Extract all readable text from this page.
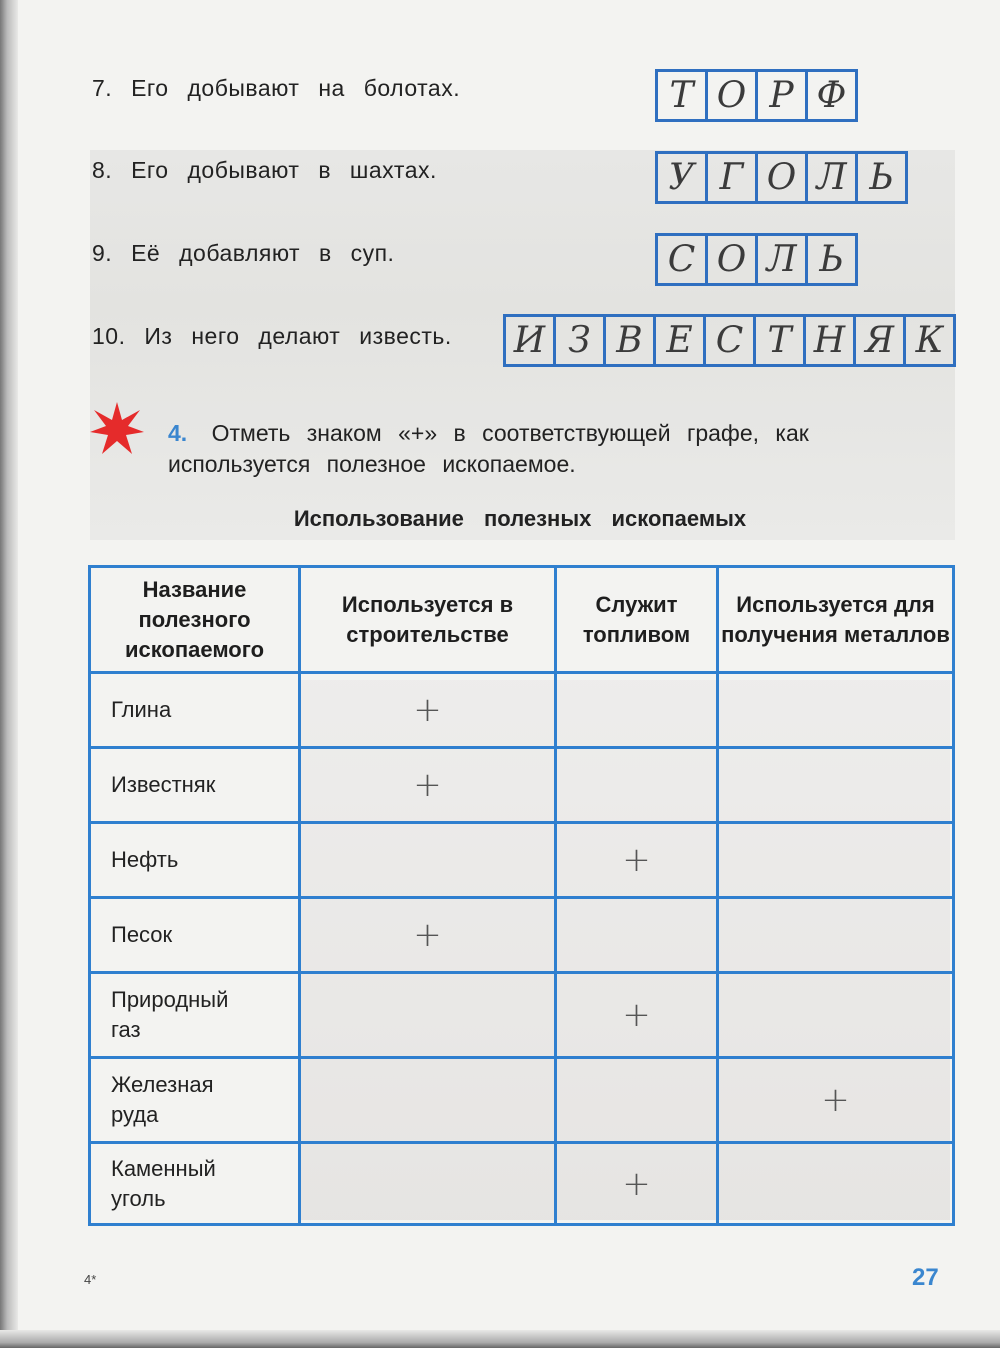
7. Его добывают на болотах.	Т О Р Ф
8. Его добывают в шахтах.	У Г О Л Ь
9. Её добавляют в суп.	С О Л Ь
10. Из него делают известь. И З В Е С Т Н Я К
4. Отметь знаком «+» в соответствующей графе, как используется полезное ископаемое.
Использование полезных ископаемых
Название полезного ископаемого	Используется в строительстве	Служит топливом	Используется для получения металлов
Глина	+		
Известняк	+		
Нефть		+	
Песок	+		

Природный газ		+	

Железная руда			+

Каменный уголь		+	
4*	27
